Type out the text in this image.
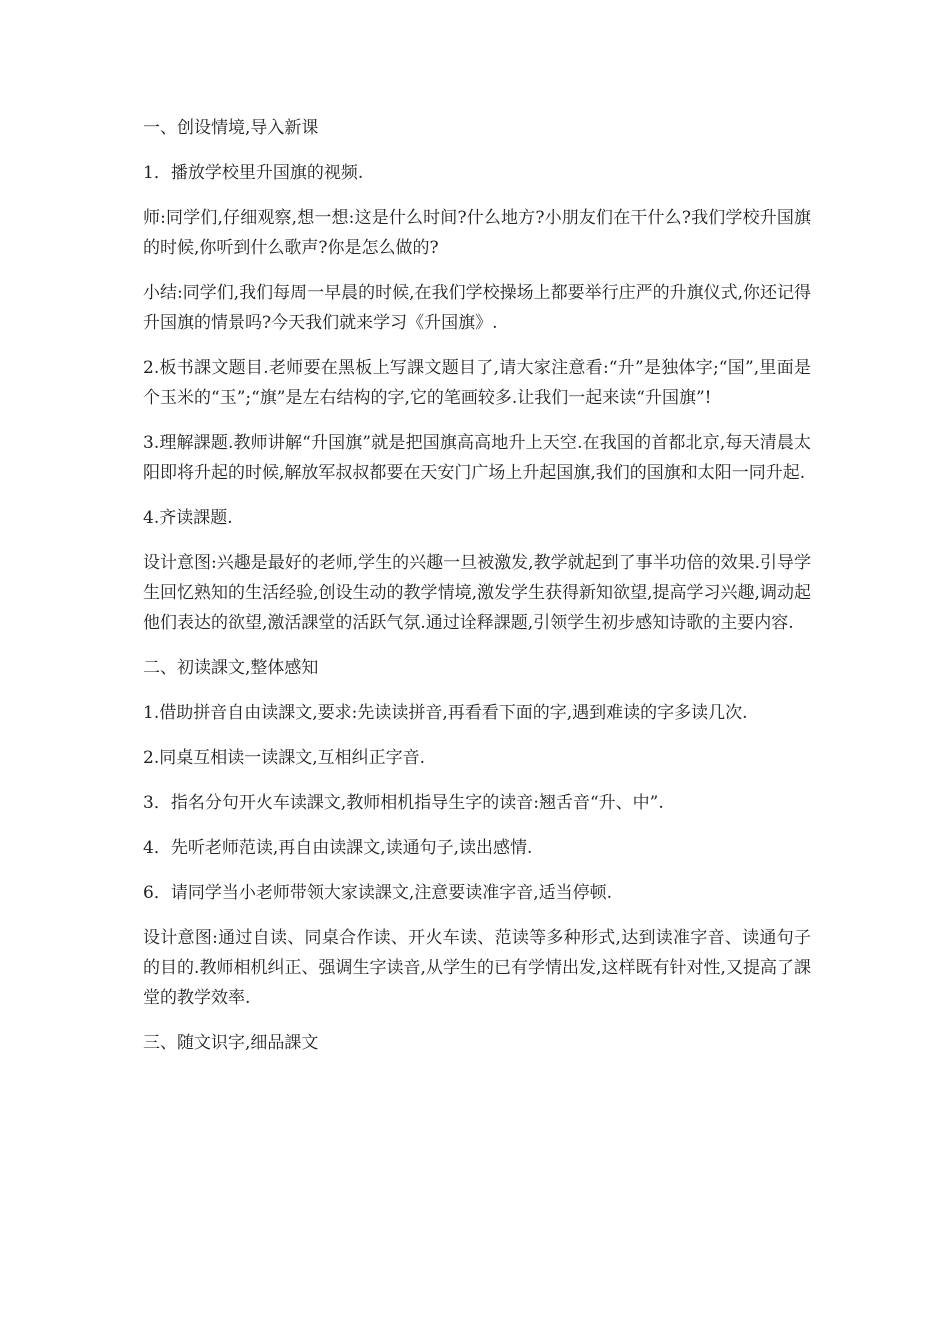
一、创设情境,导入新课

1．播放学校里升国旗的视频.

师:同学们,仔细观察,想一想:这是什么时间?什么地方?小朋友们在干什么?我们学校升国旗的时候,你听到什么歌声?你是怎么做的?

小结:同学们,我们每周一早晨的时候,在我们学校操场上都要举行庄严的升旗仪式,你还记得升国旗的情景吗?今天我们就来学习《升国旗》.

2.板书課文题目.老师要在黑板上写課文题目了,请大家注意看:“升”是独体字;“国”,里面是个玉米的“玉”;“旗”是左右结构的字,它的笔画较多.让我们一起来读“升国旗”!

3.理解課题.教师讲解“升国旗”就是把国旗高高地升上天空.在我国的首都北京,每天清晨太阳即将升起的时候,解放军叔叔都要在天安门广场上升起国旗,我们的国旗和太阳一同升起.

4.齐读課题.

设计意图:兴趣是最好的老师,学生的兴趣一旦被激发,教学就起到了事半功倍的效果.引导学生回忆熟知的生活经验,创设生动的教学情境,激发学生获得新知欲望,提高学习兴趣,调动起他们表达的欲望,激活課堂的活跃气氛.通过诠释課题,引领学生初步感知诗歌的主要内容.

二、初读課文,整体感知

1.借助拼音自由读課文,要求:先读读拼音,再看看下面的字,遇到难读的字多读几次.

2.同桌互相读一读課文,互相纠正字音.

3．指名分句开火车读課文,教师相机指导生字的读音:翘舌音“升、中”.

4．先听老师范读,再自由读課文,读通句子,读出感情.

6．请同学当小老师带领大家读課文,注意要读准字音,适当停顿.

设计意图:通过自读、同桌合作读、开火车读、范读等多种形式,达到读准字音、读通句子的目的.教师相机纠正、强调生字读音,从学生的已有学情出发,这样既有针对性,又提高了課堂的教学效率.

三、随文识字,细品課文
